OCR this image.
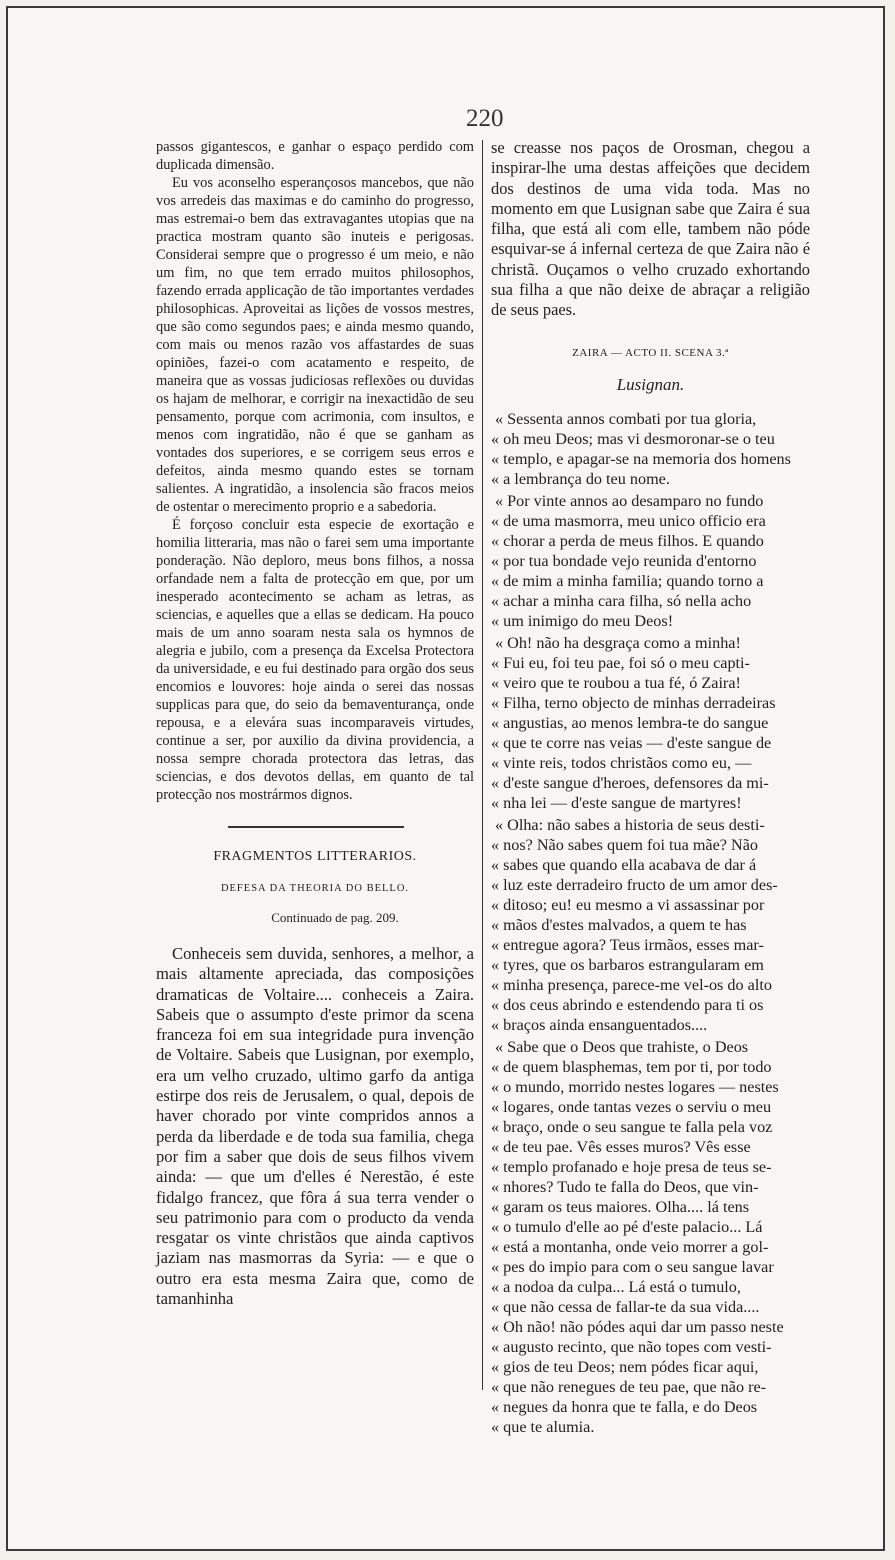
220

passos gigantescos, e ganhar o espaço perdido com duplicada dimensão.

Eu vos aconselho esperançosos mancebos, que não vos arredeis das maximas e do caminho do progresso, mas estremai-o bem das extravagantes utopias que na practica mostram quanto são inuteis e perigosas. Considerai sempre que o progresso é um meio, e não um fim, no que tem errado muitos philosophos, fazendo errada applicação de tão importantes verdades philosophicas. Aproveitai as lições de vossos mestres, que são como segundos paes; e ainda mesmo quando, com mais ou menos razão vos affastardes de suas opiniões, fazei-o com acatamento e respeito, de maneira que as vossas judiciosas reflexões ou duvidas os hajam de melhorar, e corrigir na inexactidão de seu pensamento, porque com acrimonia, com insultos, e menos com ingratidão, não é que se ganham as vontades dos superiores, e se corrigem seus erros e defeitos, ainda mesmo quando estes se tornam salientes. A ingratidão, a insolencia são fracos meios de ostentar o merecimento proprio e a sabedoria.

É forçoso concluir esta especie de exortação e homilia litteraria, mas não o farei sem uma importante ponderação. Não deploro, meus bons filhos, a nossa orfandade nem a falta de protecção em que, por um inesperado acontecimento se acham as letras, as sciencias, e aquelles que a ellas se dedicam. Ha pouco mais de um anno soaram nesta sala os hymnos de alegria e jubilo, com a presença da Excelsa Protectora da universidade, e eu fui destinado para orgão dos seus encomios e louvores: hoje ainda o serei das nossas supplicas para que, do seio da bemaventurança, onde repousa, e a elevára suas incomparaveis virtudes, continue a ser, por auxilio da divina providencia, a nossa sempre chorada protectora das letras, das sciencias, e dos devotos dellas, em quanto de tal protecção nos mostrármos dignos.

FRAGMENTOS LITTERARIOS.
DEFESA DA THEORIA DO BELLO.
Continuado de pag. 209.

Conheceis sem duvida, senhores, a melhor, a mais altamente apreciada, das composições dramaticas de Voltaire.... conheceis a Zaira. Sabeis que o assumpto d'este primor da scena franceza foi em sua integridade pura invenção de Voltaire. Sabeis que Lusignan, por exemplo, era um velho cruzado, ultimo garfo da antiga estirpe dos reis de Jerusalem, o qual, depois de haver chorado por vinte compridos annos a perda da liberdade e de toda sua familia, chega por fim a saber que dois de seus filhos vivem ainda: — que um d'elles é Nerestão, é este fidalgo francez, que fôra á sua terra vender o seu patrimonio para com o producto da venda resgatar os vinte christãos que ainda captivos jaziam nas masmorras da Syria: — e que o outro era esta mesma Zaira que, como de tamanhinha

se creasse nos paços de Orosman, chegou a inspirar-lhe uma destas affeições que decidem dos destinos de uma vida toda. Mas no momento em que Lusignan sabe que Zaira é sua filha, que está ali com elle, tambem não póde esquivar-se á infernal certeza de que Zaira não é christã. Ouçamos o velho cruzado exhortando sua filha a que não deixe de abraçar a religião de seus paes.

ZAIRA — ACTO II. SCENA 3.ª
Lusignan.
« Sessenta annos combati por tua gloria,
« oh meu Deos; mas vi desmoronar-se o teu
« templo, e apagar-se na memoria dos homens
« a lembrança do teu nome.
« Por vinte annos ao desamparo no fundo
« de uma masmorra, meu unico officio era
« chorar a perda de meus filhos. E quando
« por tua bondade vejo reunida d'entorno
« de mim a minha familia; quando torno a
« achar a minha cara filha, só nella acho
« um inimigo do meu Deos!
« Oh! não ha desgraça como a minha!
« Fui eu, foi teu pae, foi só o meu capti-
« veiro que te roubou a tua fé, ó Zaira!
« Filha, terno objecto de minhas derradeiras
« angustias, ao menos lembra-te do sangue
« que te corre nas veias — d'este sangue de
« vinte reis, todos christãos como eu, —
« d'este sangue d'heroes, defensores da mi-
« nha lei — d'este sangue de martyres!
« Olha: não sabes a historia de seus desti-
« nos? Não sabes quem foi tua mãe? Não
« sabes que quando ella acabava de dar á
« luz este derradeiro fructo de um amor des-
« ditoso; eu! eu mesmo a vi assassinar por
« mãos d'estes malvados, a quem te has
« entregue agora? Teus irmãos, esses mar-
« tyres, que os barbaros estrangularam em
« minha presença, parece-me vel-os do alto
« dos ceus abrindo e estendendo para ti os
« braços ainda ensanguentados....
« Sabe que o Deos que trahiste, o Deos
« de quem blasphemas, tem por ti, por todo
« o mundo, morrido nestes logares — nestes
« logares, onde tantas vezes o serviu o meu
« braço, onde o seu sangue te falla pela voz
« de teu pae. Vês esses muros? Vês esse
« templo profanado e hoje presa de teus se-
« nhores? Tudo te falla do Deos, que vin-
« garam os teus maiores. Olha.... lá tens
« o tumulo d'elle ao pé d'este palacio... Lá
« está a montanha, onde veio morrer a gol-
« pes do impio para com o seu sangue lavar
« a nodoa da culpa... Lá está o tumulo,
« que não cessa de fallar-te da sua vida....
« Oh não! não pódes aqui dar um passo neste
« augusto recinto, que não topes com vesti-
« gios de teu Deos; nem pódes ficar aqui,
« que não renegues de teu pae, que não re-
« negues da honra que te falla, e do Deos
« que te alumia.
